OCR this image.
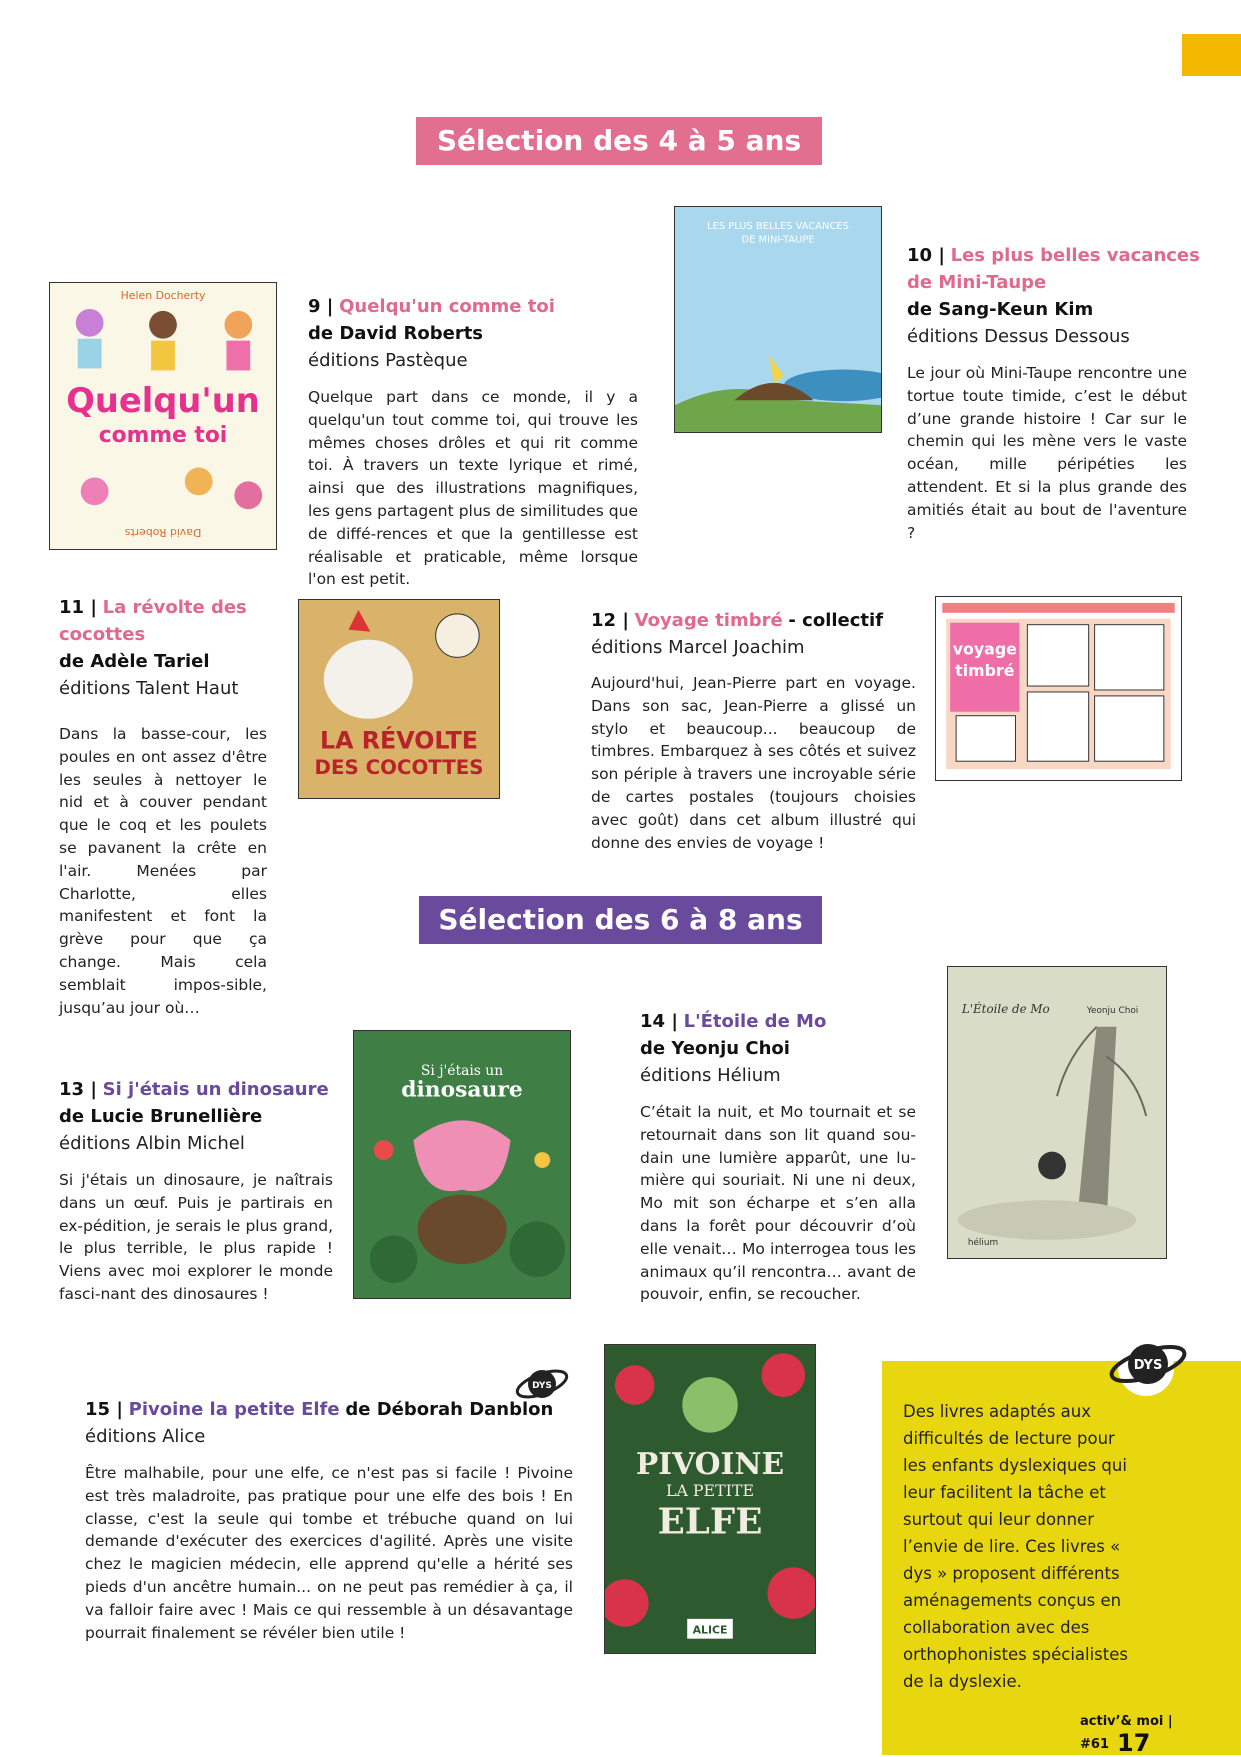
Sélection des 4 à 5 ans
Helen Docherty
Quelqu'un
comme toi
David Roberts
9 | Quelqu'un comme toi
de David Roberts
éditions Pastèque
Quelque part dans ce monde, il y a quelqu'un tout comme toi, qui trouve les mêmes choses drôles et qui rit comme toi. À travers un texte lyrique et rimé, ainsi que des illustrations magnifiques, les gens partagent plus de similitudes que de diffé-rences et que la gentillesse est réalisable et praticable, même lorsque l'on est petit.
LES PLUS BELLES VACANCES
DE MINI-TAUPE
10 | Les plus belles vacances
de Mini-Taupe
de Sang-Keun Kim
éditions Dessus Dessous
Le jour où Mini-Taupe rencontre une tortue toute timide, c’est le début d’une grande histoire ! Car sur le chemin qui les mène vers le vaste océan, mille péripéties les attendent. Et si la plus grande des amitiés était au bout de l'aventure ?
11 | La révolte des
cocottes
de Adèle Tariel
éditions Talent Haut
Dans la basse-cour, les poules en ont assez d'être les seules à nettoyer le nid et à couver pendant que le coq et les poulets se pavanent la crête en l'air. Menées par Charlotte, elles manifestent et font la grève pour que ça change. Mais cela semblait impos-sible, jusqu’au jour où…
LA RÉVOLTE
DES COCOTTES
12 | Voyage timbré - collectif
éditions Marcel Joachim
Aujourd'hui, Jean-Pierre part en voyage. Dans son sac, Jean-Pierre a glissé un stylo et beaucoup... beaucoup de timbres. Embarquez à ses côtés et suivez son périple à travers une incroyable série de cartes postales (toujours choisies avec goût) dans cet album illustré qui donne des envies de voyage !
voyage
timbré
Sélection des 6 à 8 ans
13 | Si j'étais un dinosaure
de Lucie Brunellière
éditions Albin Michel
Si j'étais un dinosaure, je naîtrais dans un œuf. Puis je partirais en ex-pédition, je serais le plus grand, le plus terrible, le plus rapide ! Viens avec moi explorer le monde fasci-nant des dinosaures !
Si j'étais un
dinosaure
14 | L'Étoile de Mo
de Yeonju Choi
éditions Hélium
C’était la nuit, et Mo tournait et se retournait dans son lit quand sou-dain une lumière apparût, une lu-mière qui souriait. Ni une ni deux, Mo mit son écharpe et s’en alla dans la forêt pour découvrir d’où elle venait… Mo interrogea tous les animaux qu’il rencontra… avant de pouvoir, enfin, se recoucher.
L'Étoile de Mo	Yeonju Choi
hélium
DYS
15 | Pivoine la petite Elfe de Déborah Danblon
éditions Alice
Être malhabile, pour une elfe, ce n'est pas si facile ! Pivoine est très maladroite, pas pratique pour une elfe des bois ! En classe, c'est la seule qui tombe et trébuche quand on lui demande d'exécuter des exercices d'agilité. Après une visite chez le magicien médecin, elle apprend qu'elle a hérité ses pieds d'un ancêtre humain... on ne peut pas remédier à ça, il va falloir faire avec ! Mais ce qui ressemble à un désavantage pourrait finalement se révéler bien utile !
PIVOINE
LA PETITE
ELFE
ALICE
DYS
Des livres adaptés aux difficultés de lecture pour les enfants dyslexiques qui leur facilitent la tâche et surtout qui leur donner l’envie de lire. Ces livres « dys » proposent différents aménagements conçus en collaboration avec des orthophonistes spécialistes de la dyslexie.
activ’& moi | #61 17
